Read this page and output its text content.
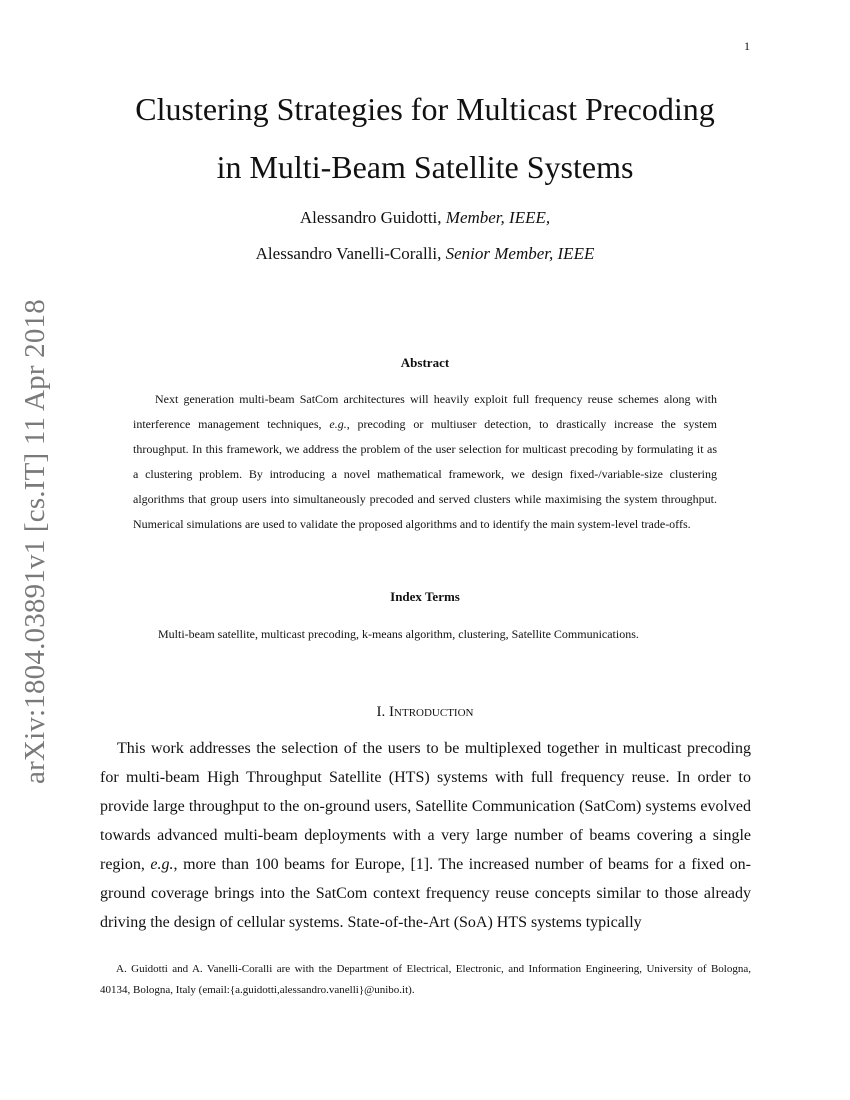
1
arXiv:1804.03891v1 [cs.IT] 11 Apr 2018
Clustering Strategies for Multicast Precoding
in Multi-Beam Satellite Systems
Alessandro Guidotti, Member, IEEE,
Alessandro Vanelli-Coralli, Senior Member, IEEE
Abstract

Next generation multi-beam SatCom architectures will heavily exploit full frequency reuse schemes along with interference management techniques, e.g., precoding or multiuser detection, to drastically increase the system throughput. In this framework, we address the problem of the user selection for multicast precoding by formulating it as a clustering problem. By introducing a novel mathematical framework, we design fixed-/variable-size clustering algorithms that group users into simultaneously precoded and served clusters while maximising the system throughput. Numerical simulations are used to validate the proposed algorithms and to identify the main system-level trade-offs.

Index Terms

Multi-beam satellite, multicast precoding, k-means algorithm, clustering, Satellite Communications.

I. Introduction

This work addresses the selection of the users to be multiplexed together in multicast precoding for multi-beam High Throughput Satellite (HTS) systems with full frequency reuse. In order to provide large throughput to the on-ground users, Satellite Communication (SatCom) systems evolved towards advanced multi-beam deployments with a very large number of beams covering a single region, e.g., more than 100 beams for Europe, [1]. The increased number of beams for a fixed on-ground coverage brings into the SatCom context frequency reuse concepts similar to those already driving the design of cellular systems. State-of-the-Art (SoA) HTS systems typically

A. Guidotti and A. Vanelli-Coralli are with the Department of Electrical, Electronic, and Information Engineering, University of Bologna, 40134, Bologna, Italy (email:{a.guidotti,alessandro.vanelli}@unibo.it).
